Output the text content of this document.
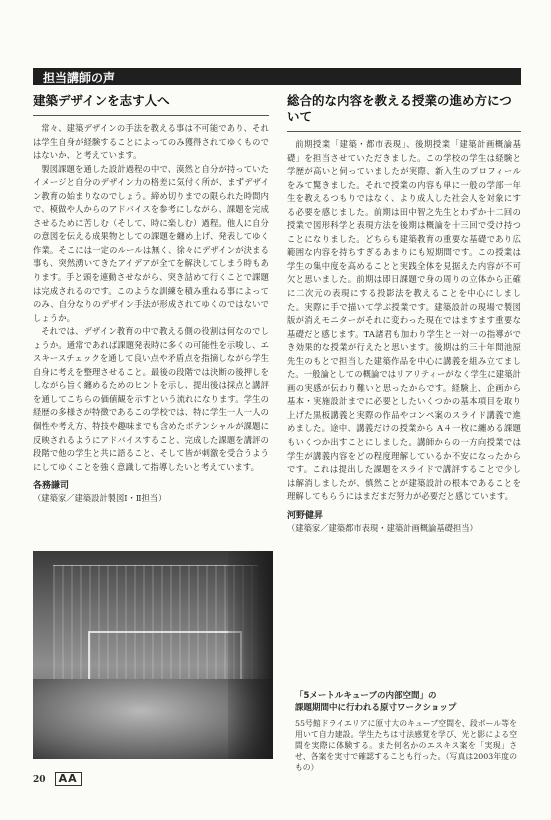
担当講師の声
建築デザインを志す人へ

常々、建築デザインの手法を教える事は不可能であり、それは学生自身が経験することによってのみ獲得されてゆくものではないか、と考えています。

製図課題を通した設計過程の中で、漠然と自分が持っていたイメージと自分のデザイン力の格差に気付く所が、まずデザイン教育の始まりなのでしょう。締め切りまでの限られた時間内で、模做や人からのアドバイスを参考にしながら、課題を完成させるために苦しむ（そして、時に楽しむ）過程。他人に自分の意図を伝える成果物としての課題を纏め上げ、発表してゆく作業。そこには一定のルールは無く、徐々にデザインが決まる事も、突然湧いてきたアイデアが全てを解決してしまう時もあります。手と頭を連動させながら、突き詰めて行くことで課題は完成されるのです。このような訓練を積み重ねる事によってのみ、自分なりのデザイン手法が形成されてゆくのではないでしょうか。

それでは、デザイン教育の中で教える側の役割は何なのでしょうか。通常であれば課題発表時に多くの可能性を示唆し、エスキースチェックを通して良い点や矛盾点を指摘しながら学生自身に考えを整理させること。最後の段階では決断の後押しをしながら旨く纏めるためのヒントを示し、提出後は採点と講評を通してこちらの価値観を示すという流れになります。学生の経歴の多様さが特徴であるこの学校では、特に学生一人一人の個性や考え方、特技や趣味までも含めたポテンシャルが課題に反映されるようにアドバイスすること、完成した課題を講評の段階で他の学生と共に語ること、そして皆が刺激を受合うようにしてゆくことを強く意識して指導したいと考えています。

各務謙司
（建築家／建築設計製図Ⅰ・Ⅱ担当）
総合的な内容を教える授業の進め方について

前期授業「建築・都市表現」、後期授業「建築計画概論基礎」を担当させていただきました。この学校の学生は経験と学歴が高いと伺っていましたが実際、新入生のプロフィールをみて驚きました。それで授業の内容も単に一般の学部一年生を教えるつもりではなく、より成人した社会人を対象にする必要を感じました。前期は田中智之先生とわずか十二回の授業で図形科学と表現方法を後期は概論を十三回で受け持つことになりました。どちらも建築教育の重要な基礎であり広範囲な内容を持ちすぎるあまりにも短期間です。この授業は学生の集中度を高めることと実践全体を見据えた内容が不可欠と思いました。前期は即日課題で身の周りの立体から正確に二次元の表現にする投影法を教えることを中心にしました。実際に手で描いて学ぶ授業です。建築設計の現場で製図版が消えモニターがそれに変わった現在ではますます重要な基礎だと感じます。TA諸君も加わり学生と一対一の指導ができ効果的な授業が行えたと思います。後期は約三十年間池原先生のもとで担当した建築作品を中心に講義を組み立てました。一般論としての概論ではリアリティーがなく学生に建築計画の実感が伝わり難いと思ったからです。経験上、企画から基本・実施設計までに必要としたいくつかの基本項目を取り上げた黒板講義と実際の作品やコンペ案のスライド講義で進めました。途中、講義だけの授業から A４一枚に纏める課題もいくつか出すことにしました。講師からの一方向授業では学生が講義内容をどの程度理解しているか不安になったからです。これは提出した課題をスライドで講評することで少しは解消しましたが、慎然ことが建築設計の根本であることを理解してもらうにはまだまだ努力が必要だと感じています。

河野健昇
（建築家／建築都市表現・建築計画概論基礎担当）

「5メートルキューブの内部空間」の

課題期間中に行われる原寸ワークショップ

55号館ドライエリアに原寸大のキューブ空間を、段ボール等を用いて自力建設。学生たちは寸法感覚を学び、光と影による空間を実際に体験する。また何名かのエスキス案を「実現」させ、各案を実寸で確認することも行った。（写真は2003年度のもの）
20 AA
